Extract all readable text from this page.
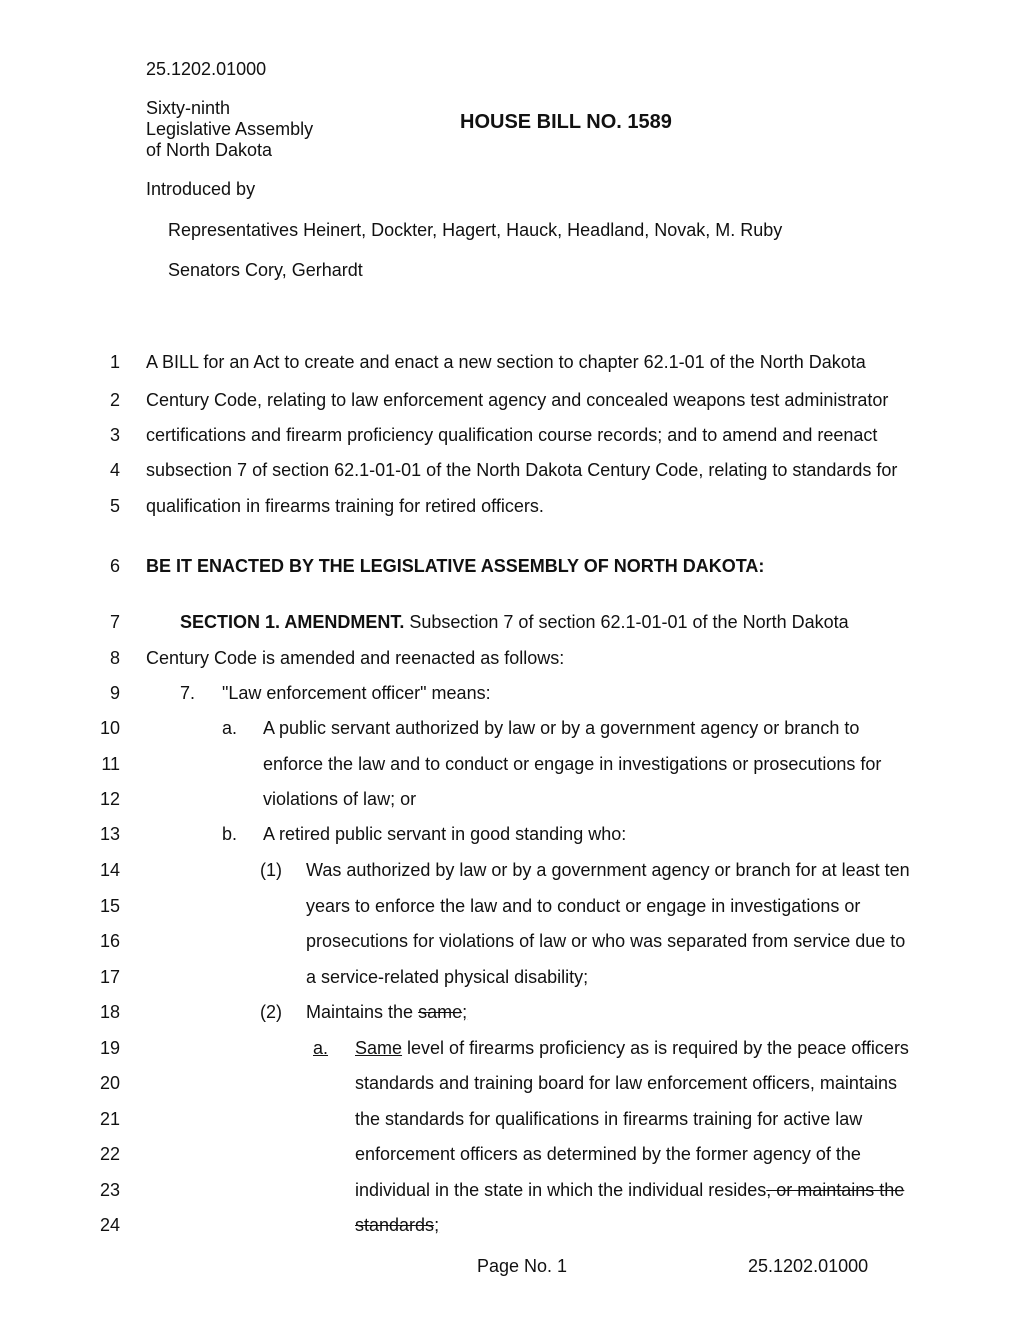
25.1202.01000
Sixty-ninth
Legislative Assembly
of North Dakota
HOUSE BILL NO. 1589
Introduced by
Representatives Heinert, Dockter, Hagert, Hauck, Headland, Novak, M. Ruby
Senators Cory, Gerhardt
1 A BILL for an Act to create and enact a new section to chapter 62.1-01 of the North Dakota
2 Century Code, relating to law enforcement agency and concealed weapons test administrator
3 certifications and firearm proficiency qualification course records; and to amend and reenact
4 subsection 7 of section 62.1-01-01 of the North Dakota Century Code, relating to standards for
5 qualification in firearms training for retired officers.
6 BE IT ENACTED BY THE LEGISLATIVE ASSEMBLY OF NORTH DAKOTA:
7	SECTION 1. AMENDMENT. Subsection 7 of section 62.1-01-01 of the North Dakota
8 Century Code is amended and reenacted as follows:
9	7. "Law enforcement officer" means:
10	a. A public servant authorized by law or by a government agency or branch to
11	enforce the law and to conduct or engage in investigations or prosecutions for
12	violations of law; or
13	b. A retired public servant in good standing who:
14	(1) Was authorized by law or by a government agency or branch for at least ten
15	years to enforce the law and to conduct or engage in investigations or
16	prosecutions for violations of law or who was separated from service due to
17	a service-related physical disability;
18	(2) Maintains the same;
19	a. Same level of firearms proficiency as is required by the peace officers
20	standards and training board for law enforcement officers, maintains
21	the standards for qualifications in firearms training for active law
22	enforcement officers as determined by the former agency of the
23	individual in the state in which the individual resides, or maintains the
24	standards;
Page No. 1	25.1202.01000
